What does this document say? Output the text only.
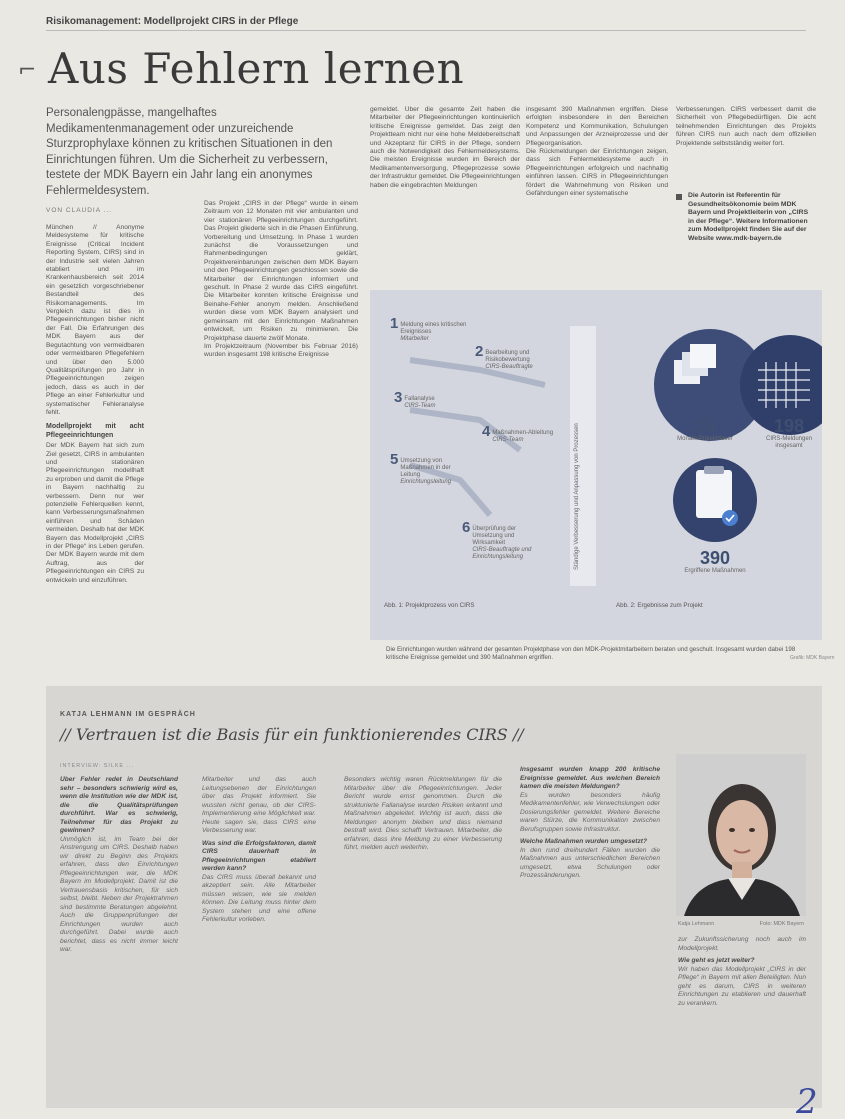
Risikomanagement: Modellprojekt CIRS in der Pflege
⌐ Aus Fehlern lernen
Personalengpässe, mangelhaftes Medikamentenmanagement oder unzureichende Sturzprophylaxe können zu kritischen Situationen in den Einrichtungen führen. Um die Sicherheit zu verbessern, testete der MDK Bayern ein Jahr lang ein anonymes Fehlermeldesystem.
VON CLAUDIA ...
München // Anonyme Meldesysteme für kritische Ereignisse (Critical Incident Reporting System, CIRS) sind in der Industrie seit vielen Jahren etabliert und im Krankenhausbereich seit 2014 ein gesetzlich vorgeschriebener Bestandteil des Risikomanagements. Im Vergleich dazu ist dies in Pflegeeinrichtungen bisher nicht der Fall. Die Erfahrungen des MDK Bayern aus der Begutachtung von vermeidbaren oder vermeidbaren Pflegefehlern und über den 5.000 Qualitätsprüfungen pro Jahr in Pflegeeinrichtungen zeigen jedoch, dass es auch in der Pflege an einer Fehlerkultur und systematischer Fehleranalyse fehlt.
Modellprojekt mit acht Pflegeeinrichtungen
Der MDK Bayern hat sich zum Ziel gesetzt, CIRS in ambulanten und stationären Pflegeeinrichtungen modellhaft zu erproben und damit die Pflege in Bayern nachhaltig zu verbessern. Denn nur wer potenzielle Fehlerquellen kennt, kann Verbesserungsmaßnahmen einführen und Schäden vermeiden. Deshalb hat der MDK Bayern das Modellprojekt „CIRS in der Pflege“ ins Leben gerufen. Der MDK Bayern wurde mit dem Auftrag, aus der Pflegeeinrichtungen ein CIRS zu entwickeln und einzuführen.
Das Projekt „CIRS in der Pflege“ wurde in einem Zeitraum von 12 Monaten mit vier ambulanten und vier stationären Pflegeeinrichtungen durchgeführt. Das Projekt gliederte sich in die Phasen Einführung, Vorbereitung und Umsetzung. In Phase 1 wurden zunächst die Voraussetzungen und Rahmenbedingungen geklärt, Projektvereinbarungen zwischen dem MDK Bayern und den Pflegeeinrichtungen geschlossen sowie die Mitarbeiter der Einrichtungen informiert und geschult. In Phase 2 wurde das CIRS eingeführt. Die Mitarbeiter konnten kritische Ereignisse und Beinahe-Fehler anonym melden. Anschließend wurden diese vom MDK Bayern analysiert und gemeinsam mit den Einrichtungen Maßnahmen entwickelt, um Risiken zu minimieren. Die Projektphase dauerte zwölf Monate.
Im Projektzeitraum (November bis Februar 2016) wurden insgesamt 198 kritische Ereignisse
gemeldet. Über die gesamte Zeit haben die Mitarbeiter der Pflegeeinrichtungen kontinuierlich kritische Ereignisse gemeldet. Das zeigt den Projektteam nicht nur eine hohe Meldebereitschaft und Akzeptanz für CIRS in der Pflege, sondern auch die Notwendigkeit des Fehlermeldesystems. Die meisten Ereignisse wurden im Bereich der Medikamentenversorgung, Pflegeprozesse sowie der Infrastruktur gemeldet. Die Pflegeeinrichtungen haben die eingebrachten Meldungen
insgesamt 390 Maßnahmen ergriffen. Diese erfolgten insbesondere in den Bereichen Kompetenz und Kommunikation, Schulungen und Anpassungen der Arzneiprozesse und der Pflegeorganisation.
Die Rückmeldungen der Einrichtungen zeigen, dass sich Fehlermeldesysteme auch in Pflegeeinrichtungen erfolgreich und nachhaltig einführen lassen. CIRS in Pflegeeinrichtungen fördert die Wahrnehmung von Risiken und Gefährdungen einer systematische
Verbesserungen. CIRS verbessert damit die Sicherheit von Pflegebedürftigen. Die acht teilnehmenden Einrichtungen des Projekts führen CIRS nun auch nach dem offiziellen Projektende selbstständig weiter fort.
Die Autorin ist Referentin für Gesundheitsökonomie beim MDK Bayern und Projektleiterin von „CIRS in der Pflege“. Weitere Informationen zum Modellprojekt finden Sie auf der Website www.mdk-bayern.de
1 Meldung eines kritischen Ereignisses
Mitarbeiter
2 Bearbeitung und Risikobewertung
CIRS-Beauftragte
3 Fallanalyse
CIRS-Team
4 Maßnahmen-Ableitung
CIRS-Team
5 Umsetzung von Maßnahmen in der Leitung
Einrichtungsleitung
6 Überprüfung der Umsetzung und Wirksamkeit
CIRS-Beauftragte und Einrichtungsleitung	Ständige Verbesserung und Anpassung von Prozessen	15
Monate Projektdauer
198
CIRS-Meldungen insgesamt
390
Ergriffene Maßnahmen
Abb. 1: Projektprozess von CIRS	Abb. 2: Ergebnisse zum Projekt
Die Einrichtungen wurden während der gesamten Projektphase von den MDK-Projektmitarbeitern beraten und geschult. Insgesamt wurden dabei 198 kritische Ereignisse gemeldet und 390 Maßnahmen ergriffen.	Grafik: MDK Bayern
KATJA LEHMANN IM GESPRÄCH
// Vertrauen ist die Basis für ein funktionierendes CIRS //
INTERVIEW: SILKE ...
Über Fehler redet in Deutschland sehr – besonders schwierig wird es, wenn die Institution wie der MDK ist, die die Qualitätsprüfungen durchführt. War es schwierig, Teilnehmer für das Projekt zu gewinnen?
Unmöglich ist, im Team bei der Anstrengung um CIRS. Deshalb haben wir direkt zu Beginn des Projekts erfahren, dass den Einrichtungen Pflegeeinrichtungen war, die MDK Bayern im Modellprojekt. Damit ist die Vertrauensbasis kritischen, für sich selbst, bleibt. Neben der Projektrahmen sind bestimmte Beratungen abgelehnt. Auch die Gruppenprüfungen der Einrichtungen wurden auch durchgeführt. Dabei wurde auch berichtet, dass es nicht immer leicht war.
Mitarbeiter und das auch Leitungsebenen der Einrichtungen über das Projekt informiert. Sie wussten nicht genau, ob der CIRS-Implementierung eine Möglichkeit war. Heute sagen sie, dass CIRS eine Verbesserung war.
Was sind die Erfolgsfaktoren, damit CIRS dauerhaft in Pflegeeinrichtungen etabliert werden kann?
Das CIRS muss überall bekannt und akzeptiert sein. Alle Mitarbeiter müssen wissen, wie sie melden können. Die Leitung muss hinter dem System stehen und eine offene Fehlerkultur vorleben.
Besonders wichtig waren Rückmeldungen für die Mitarbeiter über die Pflegeeinrichtungen. Jeder Bericht wurde ernst genommen. Durch die strukturierte Fallanalyse wurden Risiken erkannt und Maßnahmen abgeleitet. Wichtig ist auch, dass die Meldungen anonym bleiben und dass niemand bestraft wird. Dies schafft Vertrauen. Mitarbeiter, die erfahren, dass ihre Meldung zu einer Verbesserung führt, melden auch weiterhin.
Insgesamt wurden knapp 200 kritische Ereignisse gemeldet. Aus welchen Bereich kamen die meisten Meldungen?
Es wurden besonders häufig Medikamentenfehler, wie Verwechslungen oder Dosierungsfehler gemeldet. Weitere Bereiche waren Stürze, die Kommunikation zwischen Berufsgruppen sowie Infrastruktur.
Welche Maßnahmen wurden umgesetzt?
In den rund dreihundert Fällen wurden die Maßnahmen aus unterschiedlichen Bereichen umgesetzt, etwa Schulungen oder Prozessänderungen.
Katja Lehmann	Foto: MDK Bayern
zur Zukunftssicherung noch auch im Modellprojekt.
Wie geht es jetzt weiter?
Wir haben das Modellprojekt „CIRS in der Pflege“ in Bayern mit allen Beteiligten. Nun geht es darum, CIRS in weiteren Einrichtungen zu etablieren und dauerhaft zu verankern.
2
